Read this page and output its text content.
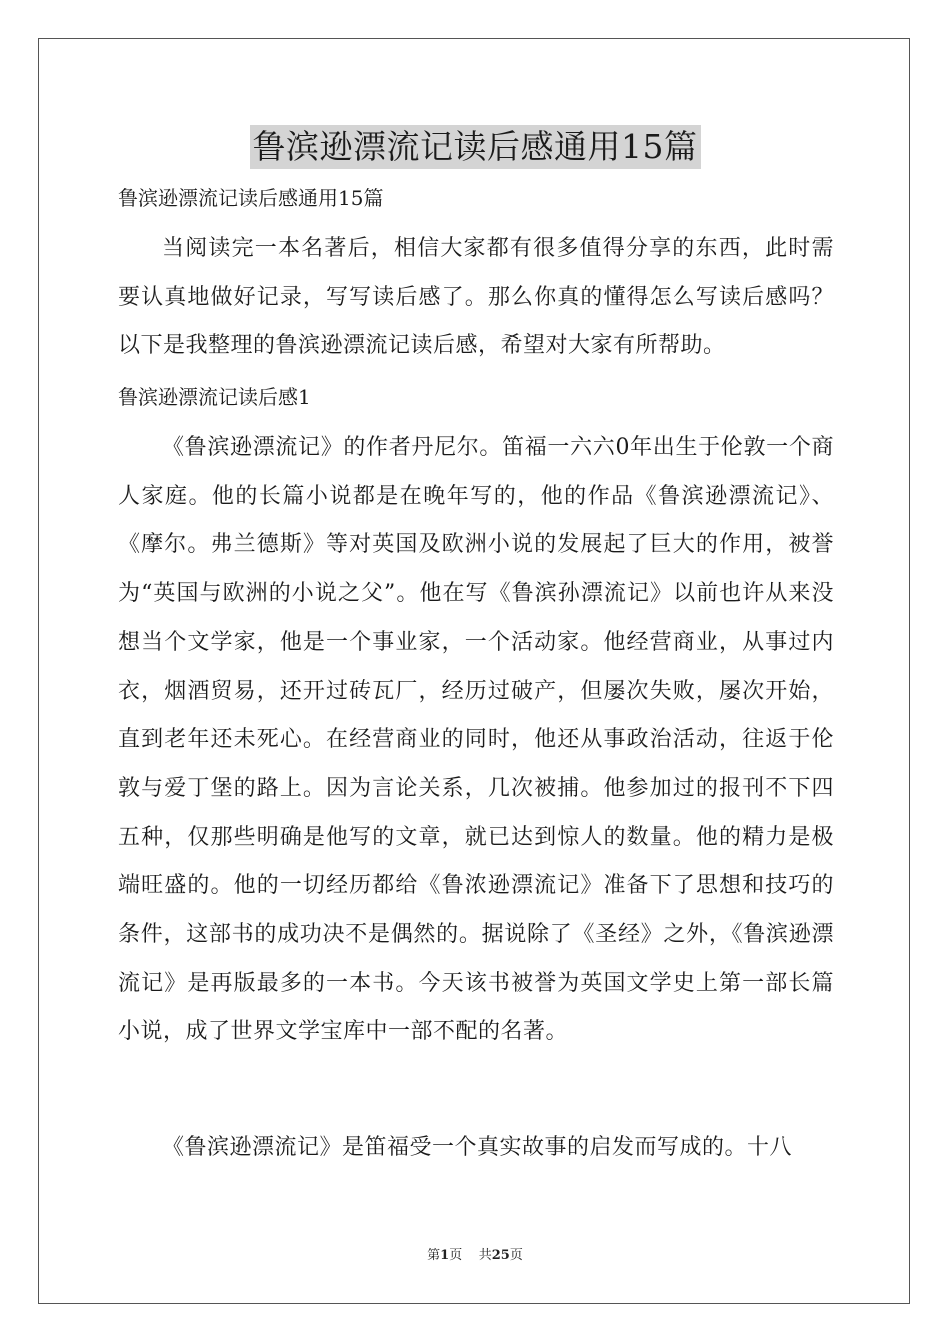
鲁滨逊漂流记读后感通用15篇
鲁滨逊漂流记读后感通用15篇

当阅读完一本名著后，相信大家都有很多值得分享的东西，此时需要认真地做好记录，写写读后感了。那么你真的懂得怎么写读后感吗？以下是我整理的鲁滨逊漂流记读后感，希望对大家有所帮助。

鲁滨逊漂流记读后感1

《鲁滨逊漂流记》的作者丹尼尔。笛福一六六0年出生于伦敦一个商人家庭。他的长篇小说都是在晚年写的，他的作品《鲁滨逊漂流记》、《摩尔。弗兰德斯》等对英国及欧洲小说的发展起了巨大的作用，被誉为“英国与欧洲的小说之父”。他在写《鲁滨孙漂流记》以前也许从来没想当个文学家，他是一个事业家，一个活动家。他经营商业，从事过内衣，烟酒贸易，还开过砖瓦厂，经历过破产，但屡次失败，屡次开始，直到老年还未死心。在经营商业的同时，他还从事政治活动，往返于伦敦与爱丁堡的路上。因为言论关系，几次被捕。他参加过的报刊不下四五种，仅那些明确是他写的文章，就已达到惊人的数量。他的精力是极端旺盛的。他的一切经历都给《鲁浓逊漂流记》准备下了思想和技巧的条件，这部书的成功决不是偶然的。据说除了《圣经》之外，《鲁滨逊漂流记》是再版最多的一本书。今天该书被誉为英国文学史上第一部长篇小说，成了世界文学宝库中一部不配的名著。

《鲁滨逊漂流记》是笛福受一个真实故事的启发而写成的。十八

第1页 共25页
